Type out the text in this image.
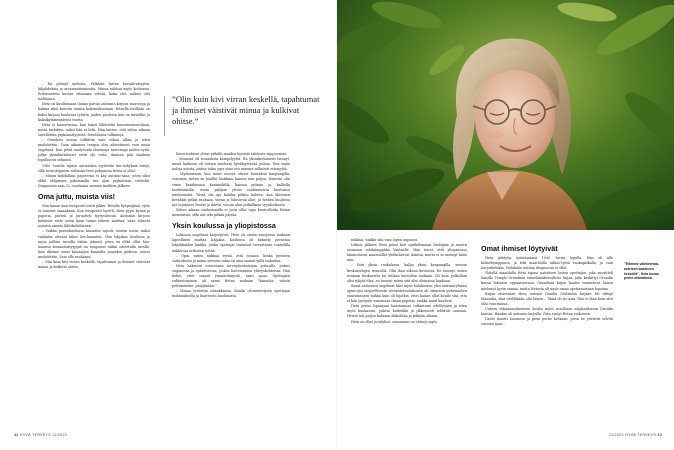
– En pitänyt melusta. Pelkäsin lasten kovaää-nisyyttä, kiljahduksia ja arvaamattomuutta. Minua nähtiin myös kohteena. Erilaisuuteni kuinat ottamaan selvää, kuka olet, mikssi olet tuollainen.

Heta on kuullussaan tämän päivän autismin kirjoon suoristoja ja hakiaa siksi kerrota omista kokemuksistaan. Hänellä itsellään on kaksi kirjoon kuuluvaa tytärtä, joiden puolesta hän on taistellut jo kaksikymmentäviisi vuotta.

Heta ei kuustvustaa, kun hänet lähetettin kasvatusneuvolaan, mistä turkittiin, miksi hän ei leiki. Hän kertoo, että siihen aikaan suvellettiin psykoanalyytistä, freudilaisia tulkintoja.

– Oeneleisi minua tulkittiin vain vähän alkaa ja siten unohdettiin. Tuon aikainen terapia olisi aiheuttanut vain uusia ongelmia. Kun pitää analysoida oleiemaja tuntemaja niiden syitä, jotka yksinkertaisesti eivät ole totta, ihmisen pää saadaan lopullisesti sekaisin.

1960 -luvulla lapsen autismista syytettiin tun-nekylmiä äitejä, sillä neurologiseen erilaisuu-teen pohjaavaa tietoa ei ollut.

– Minun kohdallani paperessa ei käy autismi-sana; joten siksi ehkä väljyimme pahimmilta sen ajan psykiatrian virheiltä. Diagnoosin sain 32 -vuotiaana monien mutkien jälkeen.

Oma juttu, muista viis!

Niin kauan kun terapeutti esitti pikku- Hetalle kysymyksiä, tyttö ei sanonut sanaakaan. Kun terapeutti lopetti, Heta pyysi kynää ja paperia, piirteli ja juruutteli tyytyväisenä. Autismin kirjoon kuuluvat eivät usein kaan tunne tekeen ainittaa, vaan tekevät asioista omista lähtökohdistaan.

– Vaikka perusikoulussa kiusattin rajusti, mietin usein, miksi vanhatin oleeani lähes kos-kematon. Olin lahjakas koulussa ja myös joillain tavoilla vähän jähmeä, joten en ehkä ollut hau-maansa kiusaamistyyppiä tai reagoinut niihin odotetulla tavalla. Kun itkenne meni kiusaajien kannalta jonnekin piekeen, minut unohdettiin. Sain olla rauhassa!

– Olin kuin kivi virran keskellä, tapahtumat ja ihmiset väistivät minua ja kulkivat ohitse.

”Olin kuin kivi virran keskellä, tapahtumat ja ihmiset väistivät minua ja kulkivat ohitse.”

Kaverisuhteet olivat pitkälti muiden hyvästä tahdosta riippuvaisia.

– Minussa oli sosiaalista kömpelyyttä. En yksinkertaisesti tiennyt, mistä kaikesta oli toisten mielestä hyväksyttävää puhua. Tein myös noloja asioita, joiden takia jopa sisar otti minuun selkeästi etäisyyttä.

– Myöhemmin, kun muut nuoret ottivat kontaktia kaupungilla, vaivaisin, miten en kuullut luokkani kanssa niin paljon. Harvoin olin viime kesäkuussa kesämökillä, kanssa pelasin ja, kalliolla tunttoinkulla, usein palijain jätvin vanhimmissa kouluissa mietteissäni. Tässä siis aja kuinka pitkiin kohten, kun lähtenen kevääksi pitkiä rauhaan, suvua ja lähisuvua alue, ja hetken kuulessa nyt tajunneet huolet ja ikävät, vuosin alun pitkällinen syynkoskusta.

Siihen aikaan vanhemmilla ei juuri ollut tapa kontrolloida Hetan menemisiä, sillä äiti teki pitkää päivää.

Yksin koulussa ja yliopistossa

Lukiossa ongelmat kärjistyivät. Heta oli omien sanojensa mukaan lapsellinen muttaa lahjakas. Koulussa oli keksitty perustaa lahjakkaiden lunkka, jonka opettajat tuntuivat vierastavan tunnelilla nukkuvaa erikoista tyttöä.

– Opin, miten nukkua syvää, että tosiaan, koska perheen vaikeuksien ja muun stressin takia en aina saanut yöllä nukuttua.

Heta hakeutui toiveenaan terveydenhoitajan juttusille, joskus sugunessa ja epäröiviessa, joskus hoitotoimien yhteyskohteissa. Hän kokei, ettei saanut ymmärtämystä, saati apua. Opettajien suhtautuminen oli sama Hetan mukaan ”kamalaa: väärin pettämiseksi, pitäjämään.”

– Minua yritettiin ulmakkaana. Kaulin oh-menestystä opettajan tutkimuksella ja haaveesta huolimatta.

32 HYVÄ TERVEYS 11/2023

nukkua, vaikka olin vain lopen uupunut.

Lukion jälkeen Heta pääsi heti opiskelemaan biologiaa ja muutti asumaan solukämppään Vantaalle. Hän toivoi, että yliopistossa kiinnostavat asiasisällöt yhdistäisivät ihmisiä, mutta ei se mennyt kään niin.

– Söin yksin ruokalassa, kuljin yksin kaupungilla, seisoin keskustelujen reunoilla. Olin ihan ulkona kuvioista. En tiennyt, miten avataan keskustelu tai tullaan kuvioihin mukaan. Oli kuin palkallani olisi tyhjää tilaa, en tiennyt miten sitä olisi olemassa lainkaan.

Sinnä vaiheessa ongelmat kävi myös haluksessa, yksi autismiryhmän opintojen tarpeellisesta vertaistoteutuksesta oli viimeisin puhemiehen onnistumisen taikka kuin oli lujatkin, ettei haitan ollut kuulle sitä, että ei hän pystynyt sanomaan ilman paperia, vaikka muut kuulivat.

Heta joutui lopunjaan haastamaan tutkintoasi edellyttäen ja siten myös kuukasuin, pakeni kuitenkin ja jälkeenotti tehtävät sanoina. Heistä tuli paljon haluaan alakohtaa ja pitkään aikaan.

Heta on ollut jo äityksä. ossaamme on ehtinyt myös.

Omat ihmiset löytyivät

Heta jättäytyi työntämässä 1990 -luvun lopulla. Hän oli alle kolmekymppinen, ja teki maatiloilla talkoo-työtä ruokapalkalla, ja vain harjoittelukin. Vieläkään mitään diagnoosia ei ollut.

Yhdellä maatilalla Heta tapasi autistisen lasten opettajan, joka suositteli hänelle Temple Grandinin omaelämäkerrallista kirjaa, joka keskittyi Grandin kuvaa lukiossa oppimisestaan, Grandinin kirjan kautta tunnistivat hänen mielensä hyvin samaa, mutta Hetasta oli myös omaa opettamistaan lapsiina.

Kirjaa etsiessään Heta törmäsi Gunilla Gerlandin kirjaan Ett riktigt Mänsnka, eikä edelläkään olla hänen... Tämä oli iso asia. Niin ei ihan kuin olisi olisi vain minua...

Uuteen elämänvaiheeseen kuului myös aviollinen englantilaisen Davidin kanssa. Hänkin oli autismin kirjoilla. Pian syntyi Hetan esikoinen.

David muutti Suomeen ja pieni perhe Kotkaan, jossa he yrittivät selvitä vuosien ajan...

”Elämme vaihtelevaa-asteisen kaaoksen keskellä”, Heta kuvaa perhe-elämäänsä.
11/2023 HYVÄ TERVEYS 33
